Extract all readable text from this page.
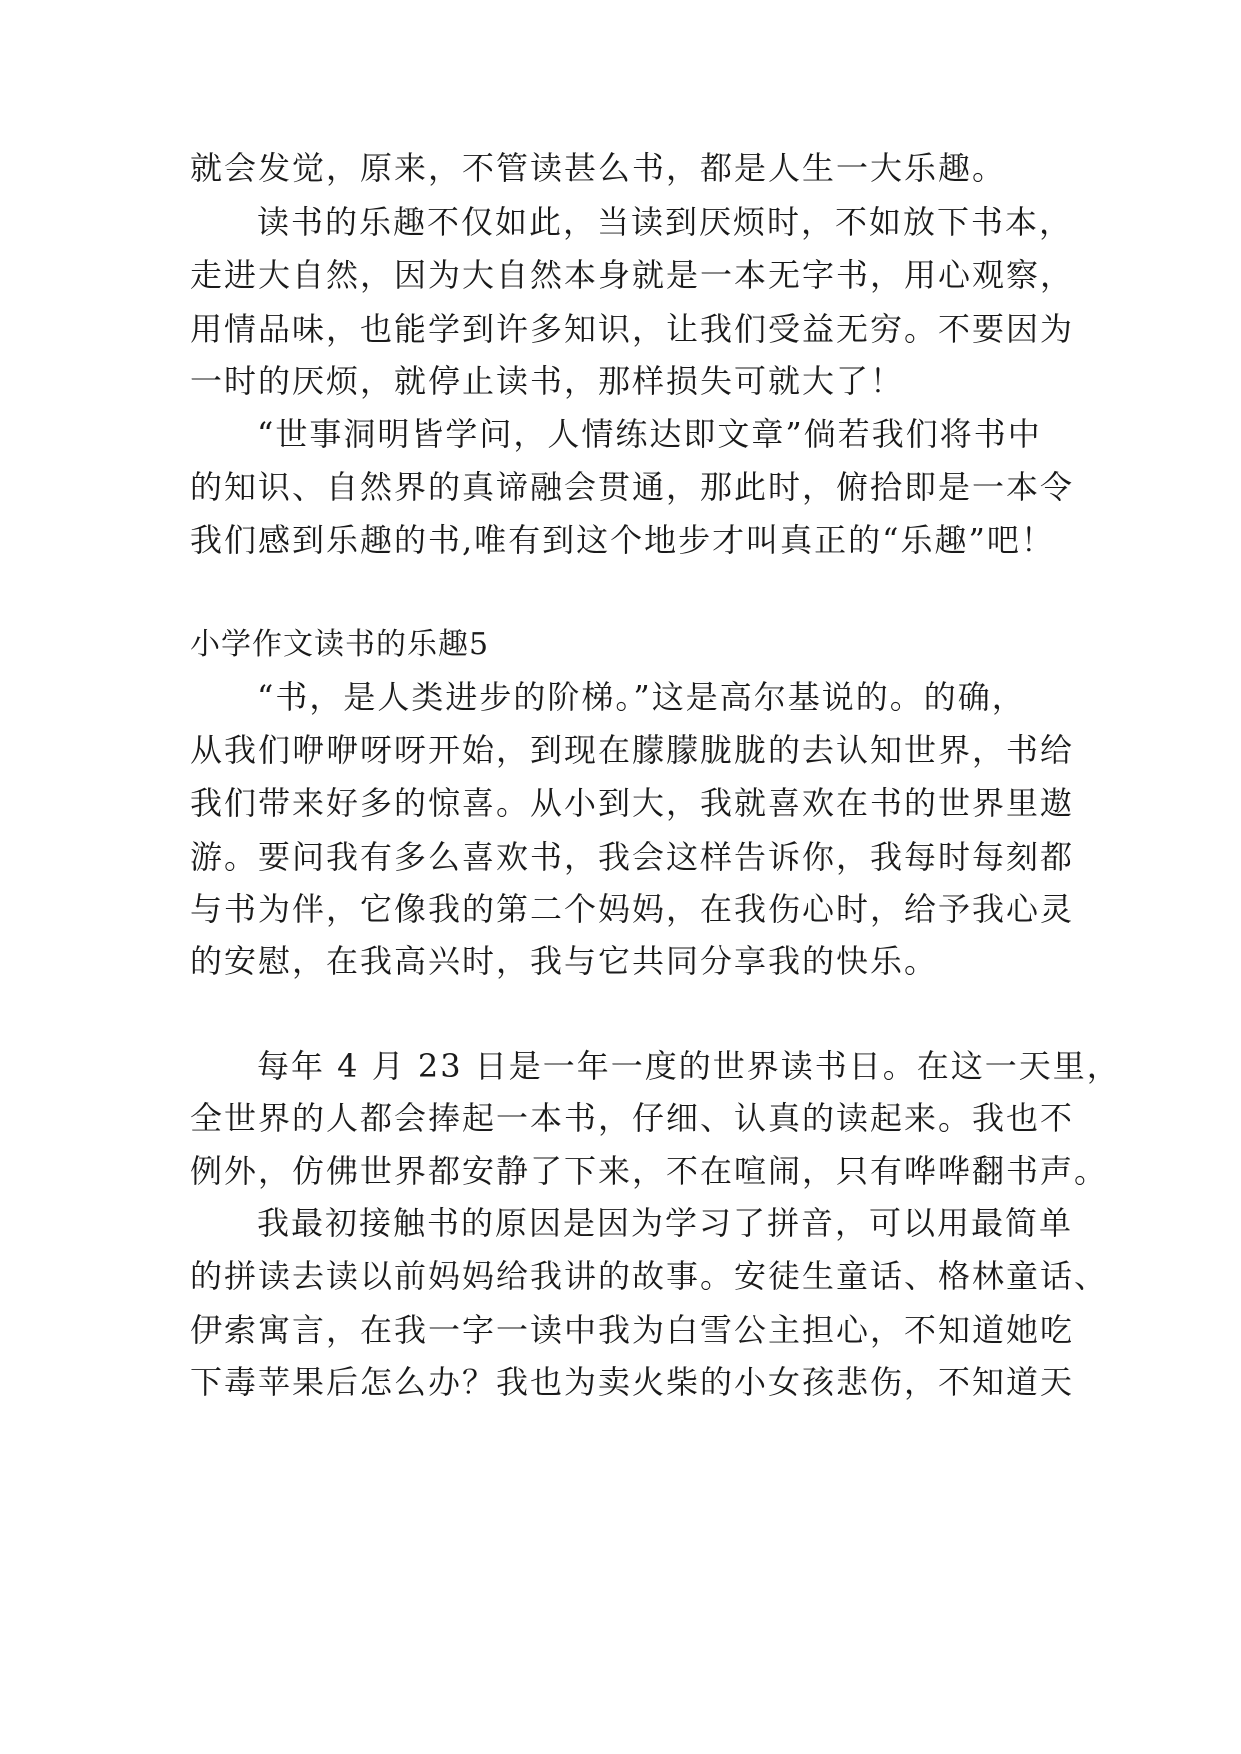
就会发觉，原来，不管读甚么书，都是人生一大乐趣。
读书的乐趣不仅如此，当读到厌烦时，不如放下书本，
走进大自然，因为大自然本身就是一本无字书，用心观察，
用情品味，也能学到许多知识，让我们受益无穷。不要因为
一时的厌烦，就停止读书，那样损失可就大了！
“世事洞明皆学问，人情练达即文章”倘若我们将书中
的知识、自然界的真谛融会贯通，那此时，俯拾即是一本令
我们感到乐趣的书,唯有到这个地步才叫真正的“乐趣”吧！
小学作文读书的乐趣5
“书，是人类进步的阶梯。”这是高尔基说的。的确，
从我们咿咿呀呀开始，到现在朦朦胧胧的去认知世界，书给
我们带来好多的惊喜。从小到大，我就喜欢在书的世界里遨
游。要问我有多么喜欢书，我会这样告诉你，我每时每刻都
与书为伴，它像我的第二个妈妈，在我伤心时，给予我心灵
的安慰，在我高兴时，我与它共同分享我的快乐。
每年 4 月 23 日是一年一度的世界读书日。在这一天里，
全世界的人都会捧起一本书，仔细、认真的读起来。我也不
例外，仿佛世界都安静了下来，不在喧闹，只有哗哗翻书声。
我最初接触书的原因是因为学习了拼音，可以用最简单
的拼读去读以前妈妈给我讲的故事。安徒生童话、格林童话、
伊索寓言，在我一字一读中我为白雪公主担心，不知道她吃
下毒苹果后怎么办？我也为卖火柴的小女孩悲伤，不知道天
